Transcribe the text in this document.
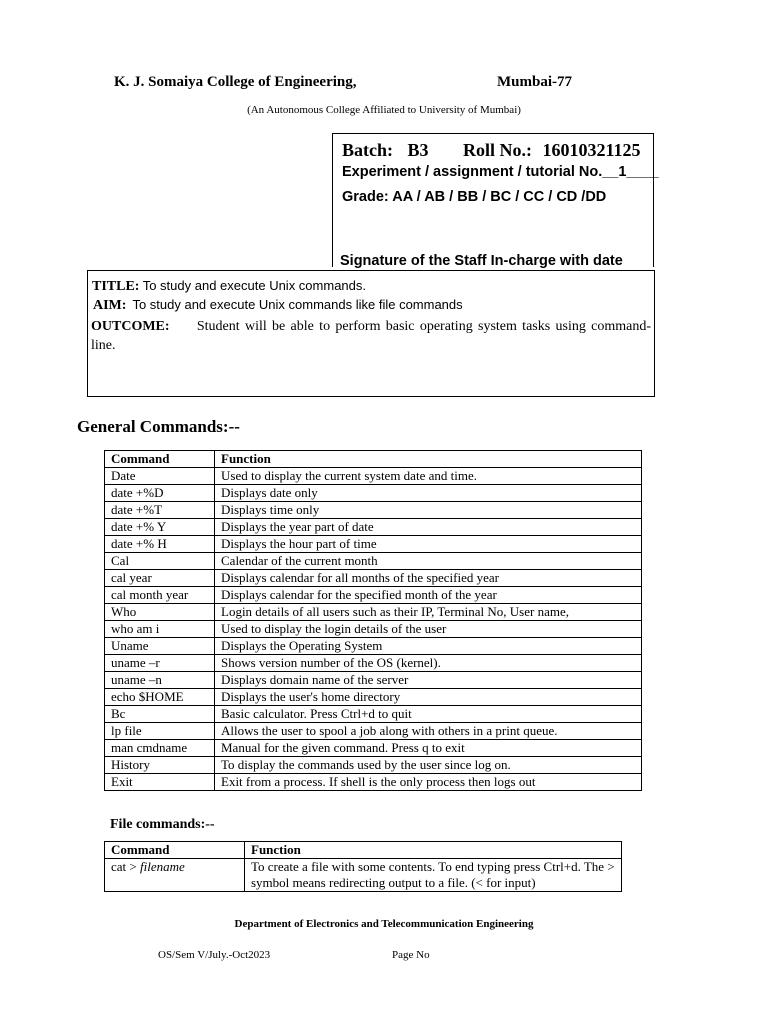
K. J. Somaiya College of Engineering,	Mumbai-77
(An Autonomous College Affiliated to University of Mumbai)
Batch: B3 Roll No.: 16010321125
Experiment / assignment / tutorial No.__1____
Grade: AA / AB / BB / BC / CC / CD /DD
Signature of the Staff In-charge with date
TITLE: To study and execute Unix commands.
AIM: To study and execute Unix commands like file commands
OUTCOME: Student will be able to perform basic operating system tasks using command-line.
General Commands:--
Command	Function
Date	Used to display the current system date and time.
date +%D	Displays date only
date +%T	Displays time only
date +% Y	Displays the year part of date
date +% H	Displays the hour part of time
Cal	Calendar of the current month
cal year	Displays calendar for all months of the specified year
cal month year	Displays calendar for the specified month of the year
Who	Login details of all users such as their IP, Terminal No, User name,
who am i	Used to display the login details of the user
Uname	Displays the Operating System
uname –r	Shows version number of the OS (kernel).
uname –n	Displays domain name of the server
echo $HOME	Displays the user's home directory
Bc	Basic calculator. Press Ctrl+d to quit
lp file	Allows the user to spool a job along with others in a print queue.
man cmdname	Manual for the given command. Press q to exit
History	To display the commands used by the user since log on.
Exit	Exit from a process. If shell is the only process then logs out
File commands:--
Command	Function
cat > filename	To create a file with some contents. To end typing press Ctrl+d. The > symbol means redirecting output to a file. (< for input)
Department of Electronics and Telecommunication Engineering
OS/Sem V/July.-Oct2023	Page No
